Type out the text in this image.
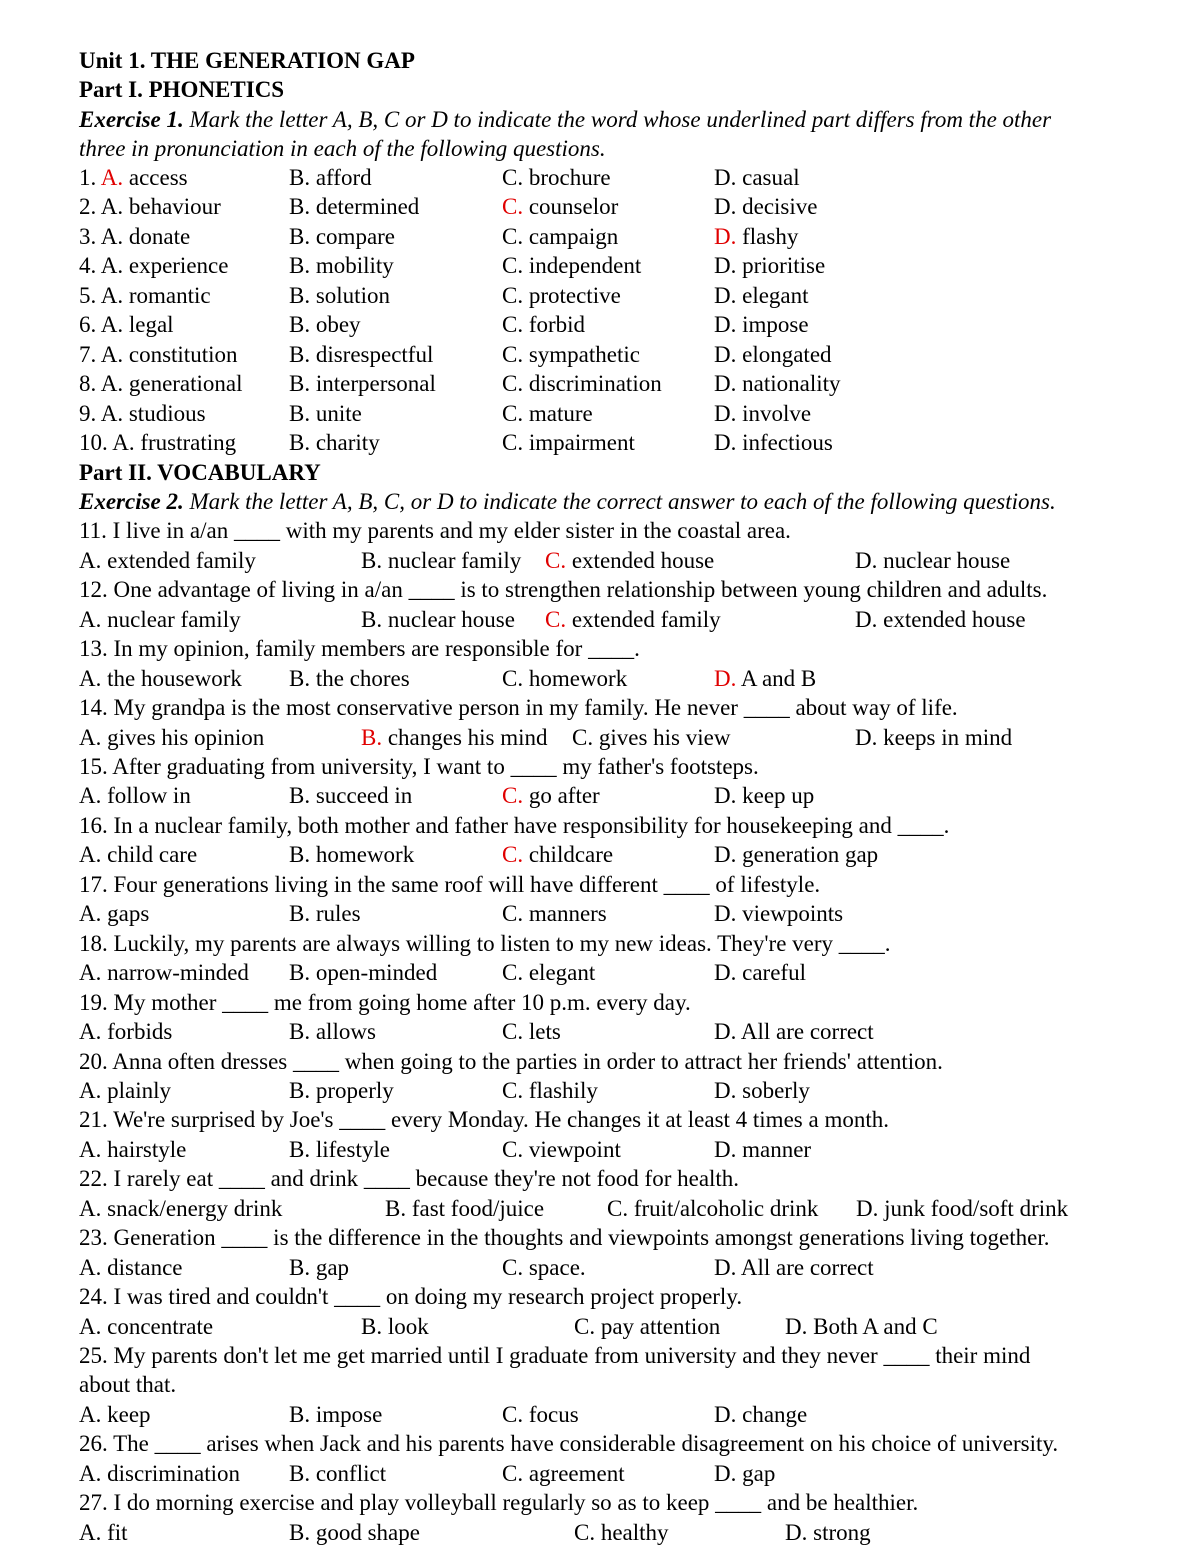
Unit 1. THE GENERATION GAP
Part I. PHONETICS
Exercise 1. Mark the letter A, B, C or D to indicate the word whose underlined part differs from the other
three in pronunciation in each of the following questions.
1. A. access	B. afford	C. brochure	D. casual
2. A. behaviour	B. determined	C. counselor	D. decisive
3. A. donate	B. compare	C. campaign	D. flashy
4. A. experience	B. mobility	C. independent	D. prioritise
5. A. romantic	B. solution	C. protective	D. elegant
6. A. legal	B. obey	C. forbid	D. impose
7. A. constitution B. disrespectful	C. sympathetic	D. elongated
8. A. generational B. interpersonal	C. discrimination D. nationality
9. A. studious	B. unite	C. mature	D. involve
10. A. frustrating B. charity	C. impairment	D. infectious
Part II. VOCABULARY
Exercise 2. Mark the letter A, B, C, or D to indicate the correct answer to each of the following questions.
11. I live in a/an ____ with my parents and my elder sister in the coastal area.
A. extended family	B. nuclear family C. extended house	D. nuclear house
12. One advantage of living in a/an ____ is to strengthen relationship between young children and adults.
A. nuclear family	B. nuclear house C. extended family	D. extended house
13. In my opinion, family members are responsible for ____.
A. the housework B. the chores	C. homework	D. A and B
14. My grandpa is the most conservative person in my family. He never ____ about way of life.
A. gives his opinion	B. changes his mind C. gives his view	D. keeps in mind
15. After graduating from university, I want to ____ my father's footsteps.
A. follow in	B. succeed in	C. go after	D. keep up
16. In a nuclear family, both mother and father have responsibility for housekeeping and ____.
A. child care	B. homework	C. childcare	D. generation gap
17. Four generations living in the same roof will have different ____ of lifestyle.
A. gaps	B. rules	C. manners	D. viewpoints
18. Luckily, my parents are always willing to listen to my new ideas. They're very ____.
A. narrow-minded B. open-minded	C. elegant	D. careful
19. My mother ____ me from going home after 10 p.m. every day.
A. forbids	B. allows	C. lets	D. All are correct
20. Anna often dresses ____ when going to the parties in order to attract her friends' attention.
A. plainly	B. properly	C. flashily	D. soberly
21. We're surprised by Joe's ____ every Monday. He changes it at least 4 times a month.
A. hairstyle	B. lifestyle	C. viewpoint	D. manner
22. I rarely eat ____ and drink ____ because they're not food for health.
A. snack/energy drink	B. fast food/juice	C. fruit/alcoholic drink D. junk food/soft drink
23. Generation ____ is the difference in the thoughts and viewpoints amongst generations living together.
A. distance	B. gap	C. space.	D. All are correct
24. I was tired and couldn't ____ on doing my research project properly.
A. concentrate	B. look	C. pay attention	D. Both A and C
25. My parents don't let me get married until I graduate from university and they never ____ their mind
about that.
A. keep	B. impose	C. focus	D. change
26. The ____ arises when Jack and his parents have considerable disagreement on his choice of university.
A. discrimination B. conflict	C. agreement	D. gap
27. I do morning exercise and play volleyball regularly so as to keep ____ and be healthier.
A. fit	B. good shape	C. healthy	D. strong
